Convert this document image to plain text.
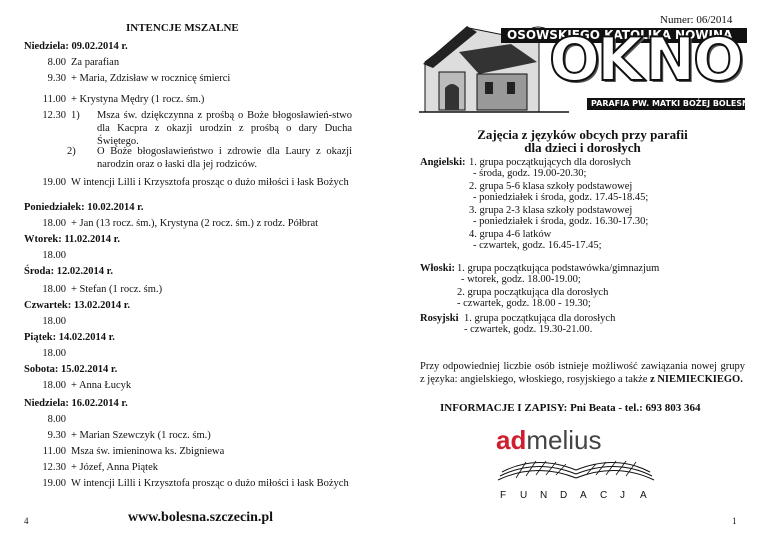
INTENCJE MSZALNE
Niedziela: 09.02.2014 r.
8.00 Za parafian
9.30 + Maria, Zdzisław w rocznicę śmierci
11.00 + Krystyna Mędry (1 rocz. śm.)
12.30 1) Msza św. dziękczynna z prośbą o Boże błogosławień-stwo dla Kacpra z okazji urodzin z prośbą o dary Ducha Świętego.
2) O Boże błogosławieństwo i zdrowie dla Laury z okazji narodzin oraz o łaski dla jej rodziców.
19.00 W intencji Lilli i Krzysztofa prosząc o dużo miłości i łask Bożych
Poniedziałek: 10.02.2014 r.
18.00 + Jan (13 rocz. śm.), Krystyna (2 rocz. śm.) z rodz. Półbrat
Wtorek: 11.02.2014 r.
18.00
Środa: 12.02.2014 r.
18.00 + Stefan (1 rocz. śm.)
Czwartek: 13.02.2014 r.
18.00
Piątek: 14.02.2014 r.
18.00
Sobota: 15.02.2014 r.
18.00 + Anna Łucyk
Niedziela: 16.02.2014 r.
8.00
9.30 + Marian Szewczyk (1 rocz. śm.)
11.00 Msza św. imieninowa ks. Zbigniewa
12.30 + Józef, Anna Piątek
19.00 W intencji Lilli i Krzysztofa prosząc o dużo miłości i łask Bożych
OSOWSKIEGO KATOLIKA NOWINA
O
K N
O
PARAFIA PW. MATKI BOŻEJ BOLESNEJ
Zajęcia z języków obcych przy parafii
dla dzieci i dorosłych
Angielski: 1. grupa początkujących dla dorosłych
- środa, godz. 19.00-20.30;
2. grupa 5-6 klasa szkoły podstawowej
- poniedziałek i środa, godz. 17.45-18.45;
3. grupa 2-3 klasa szkoły podstawowej
- poniedziałek i środa, godz. 16.30-17.30;
4. grupa 4-6 latków
- czwartek, godz. 16.45-17.45;
Włoski: 1. grupa początkująca podstawówka/gimnazjum
- wtorek, godz. 18.00-19.00;
2. grupa początkująca dla dorosłych
- czwartek, godz. 18.00 - 19.30;
Rosyjski 1. grupa początkująca dla dorosłych
- czwartek, godz. 19.30-21.00.
Przy odpowiedniej liczbie osób istnieje możliwość zawiązania nowej grupy z języka: angielskiego, włoskiego, rosyjskiego a także z NIEMIECKIEGO.
INFORMACJE I ZAPISY: Pni Beata - tel.: 693 803 364
admelius
F U N D A C J A
4	www.bolesna.szczecin.pl	1
Numer: 06/2014
